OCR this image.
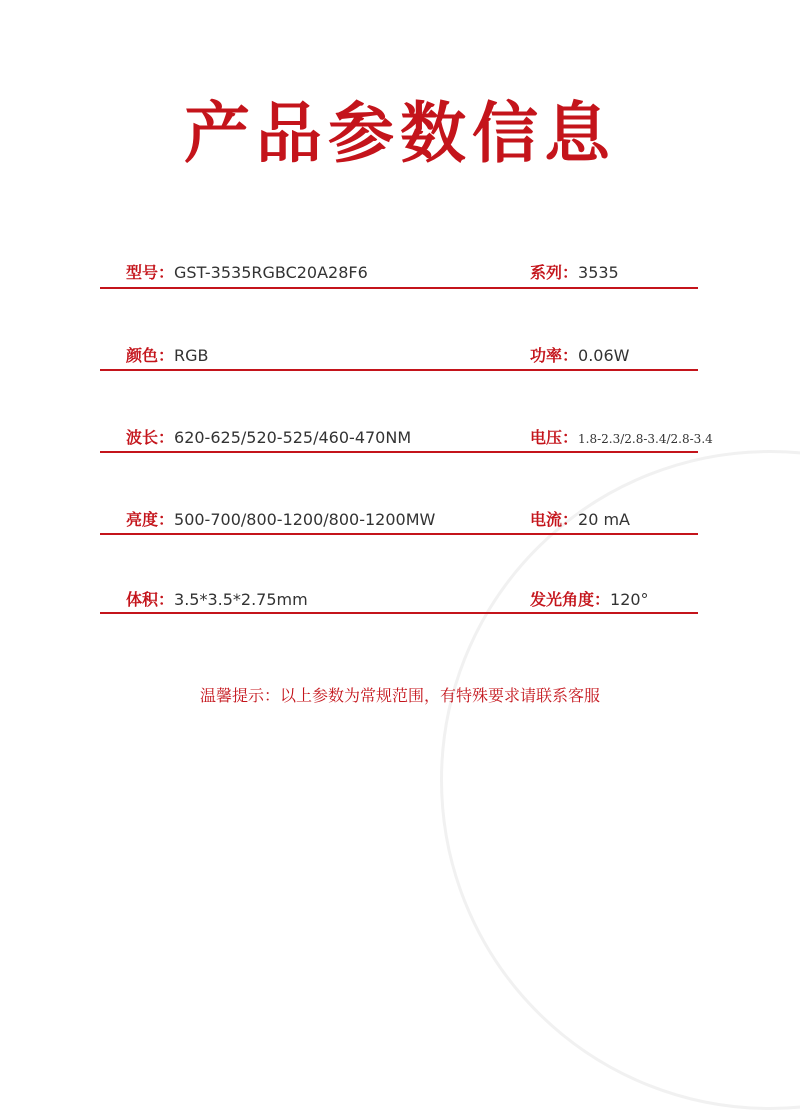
产品参数信息
型号：GST-3535RGBC20A28F6	系列：3535
颜色：RGB	功率：0.06W
波长：620-625/520-525/460-470NM	电压：1.8-2.3/2.8-3.4/2.8-3.4
亮度：500-700/800-1200/800-1200MW	电流：20 mA
体积：3.5*3.5*2.75mm	发光角度：120°
温馨提示：以上参数为常规范围，有特殊要求请联系客服
